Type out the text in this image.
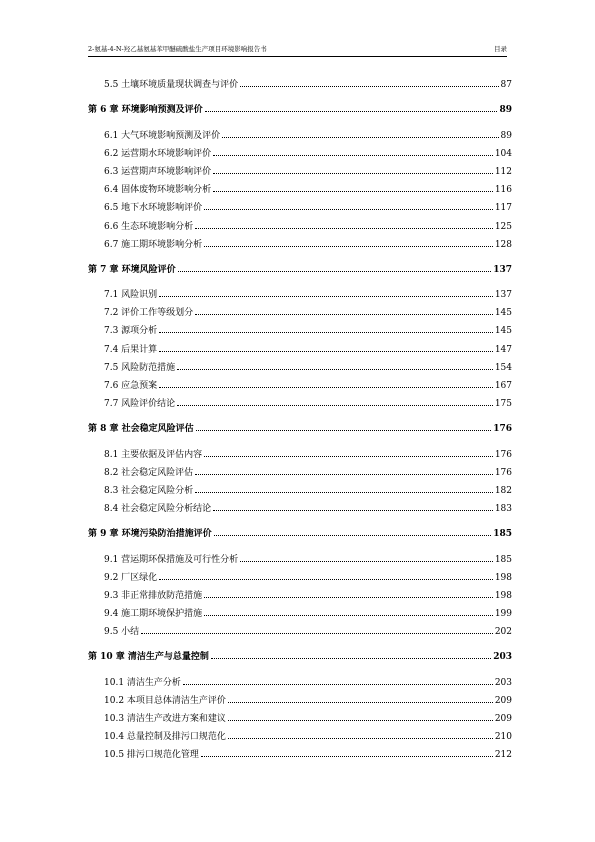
2-氨基-4-N-羟乙基氨基苯甲醚硫酸盐生产项目环境影响报告书	目录
5.5 土壤环境质量现状调查与评价	87
第 6 章 环境影响预测及评价	89
6.1 大气环境影响预测及评价	89
6.2 运营期水环境影响评价	104
6.3 运营期声环境影响评价	112
6.4 固体废物环境影响分析	116
6.5 地下水环境影响评价	117
6.6 生态环境影响分析	125
6.7 施工期环境影响分析	128
第 7 章 环境风险评价	137
7.1 风险识别	137
7.2 评价工作等级划分	145
7.3 源项分析	145
7.4 后果计算	147
7.5 风险防范措施	154
7.6 应急预案	167
7.7 风险评价结论	175
第 8 章 社会稳定风险评估	176
8.1 主要依据及评估内容	176
8.2 社会稳定风险评估	176
8.3 社会稳定风险分析	182
8.4 社会稳定风险分析结论	183
第 9 章 环境污染防治措施评价	185
9.1 营运期环保措施及可行性分析	185
9.2 厂区绿化	198
9.3 非正常排放防范措施	198
9.4 施工期环境保护措施	199
9.5 小结	202
第 10 章 清洁生产与总量控制	203
10.1 清洁生产分析	203
10.2 本项目总体清洁生产评价	209
10.3 清洁生产改进方案和建议	209
10.4 总量控制及排污口规范化	210
10.5 排污口规范化管理	212
